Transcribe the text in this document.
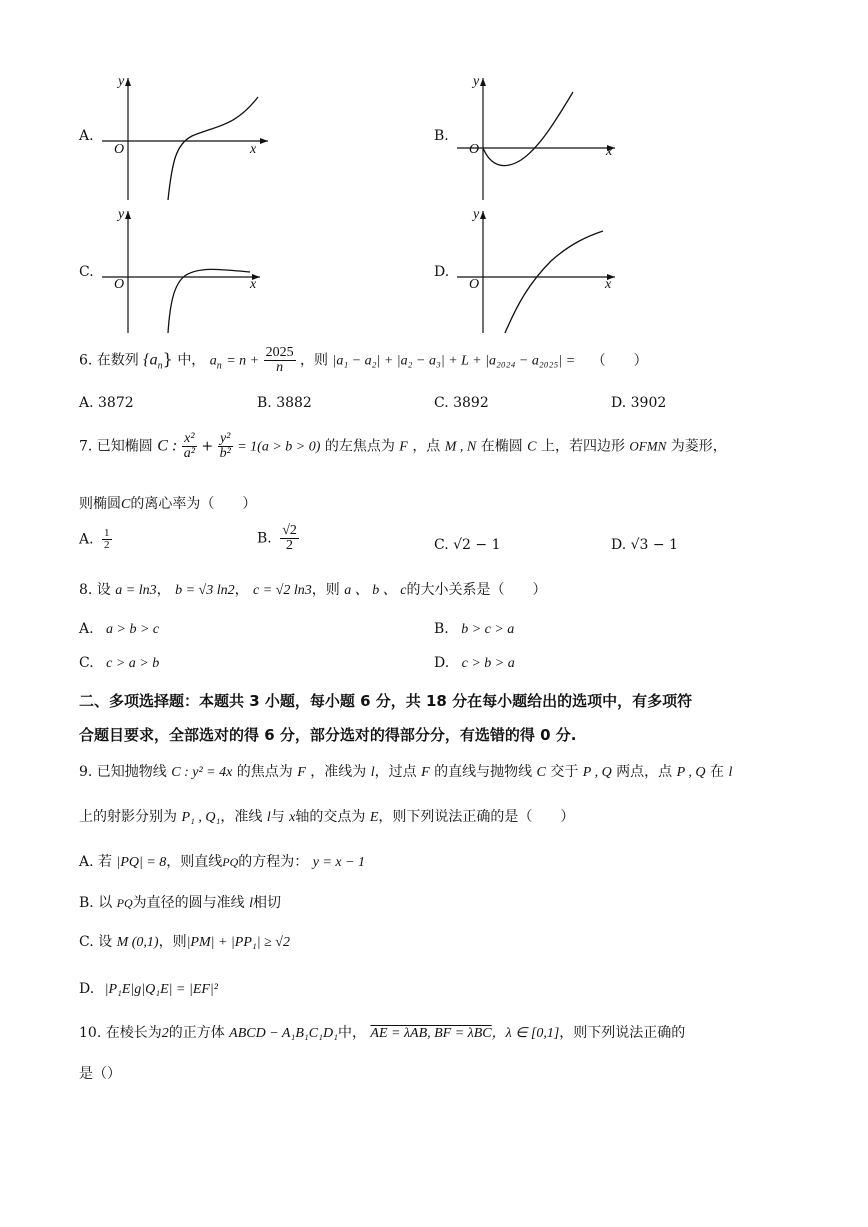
A.
y
O	x
B.
y
O	x
C.
y
O	x
D.
y
O	x
6. 在数列 $\{a_n\}$ 中， $a_n = n + \frac{2025}{n}$ ，则 |a₁ − a₂| + |a₂ − a₃| + L + |a₂₀₂₄ − a₂₀₂₅| = （　　）
A. 3872	B. 3882	C. 3892	D. 3902
7. 已知椭圆 C : $\frac{\text{x²}}{\text{a²}} + \frac{\text{y²}}{\text{b²}} = 1(a > b > 0)$ 的左焦点为 F ，点 M , N 在椭圆 C 上，若四边形 OFMN 为菱形，
则椭圆C的离心率为（　　）
A. $\frac{1}{2}$	B. $\frac{√2}{2}$	C. √2 − 1	D. √3 − 1
8. 设 a = ln3， b = √3 ln2， c = √2 ln3，则 a 、 b 、 c的大小关系是（　　）
A. a > b > c	B. b > c > a
C. c > a > b	D. c > b > a
二、多项选择题：本题共 3 小题，每小题 6 分，共 18 分在每小题给出的选项中，有多项符
合题目要求，全部选对的得 6 分，部分选对的得部分分，有选错的得 0 分.
9. 已知抛物线 C : y² = 4x 的焦点为 F ，准线为 l，过点 F 的直线与抛物线 C 交于 P , Q 两点，点 P , Q 在 l
上的射影分别为 P₁ , Q₁，准线 l与 x轴的交点为 E，则下列说法正确的是（　　）
A. 若 |PQ| = 8，则直线PQ的方程为： y = x − 1
B. 以 PQ为直径的圆与准线 l相切
C. 设 M (0,1)，则|PM| + |PP₁| ≥ √2
D. |P₁E|g|Q₁E| = |EF|²
10. 在棱长为2的正方体 ABCD − A₁B₁C₁D₁中， AE = λAB, BF = λBC，λ ∈ [0,1]，则下列说法正确的
是（）
